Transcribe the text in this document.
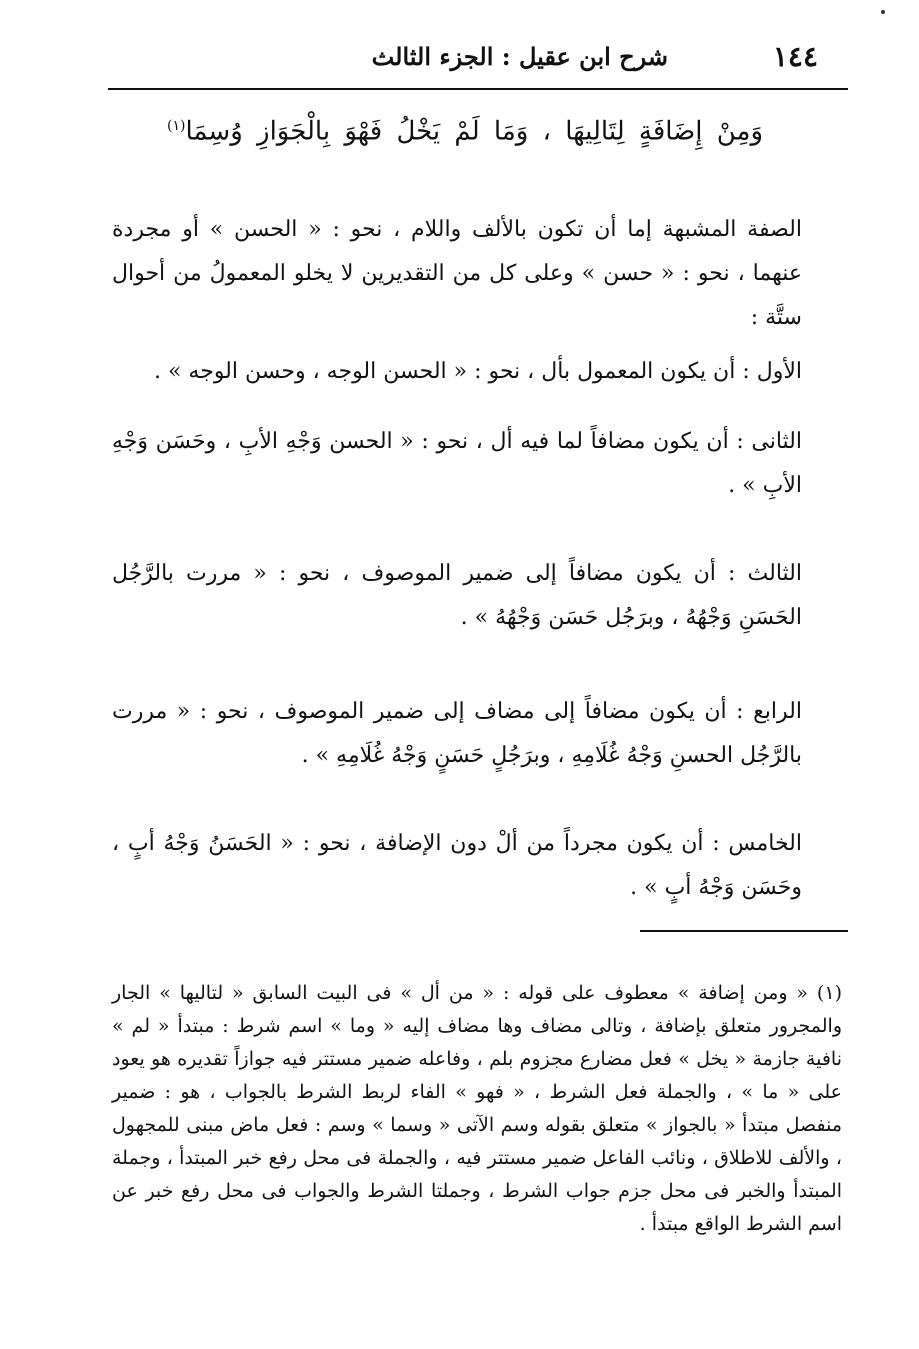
١٤٤
شرح ابن عقيل : الجزء الثالث
وَمِنْ إِضَافَةٍ لِتَالِيهَا ، وَمَا لَمْ يَخْلُ فَهْوَ بِالْجَوَازِ وُسِمَا$^{(١)}$

الصفة المشبهة إما أن تكون بالألف واللام ، نحو : « الحسن » أو مجردة عنهما ، نحو : « حسن » وعلى كل من التقديرين لا يخلو المعمولُ من أحوال ستَّة :

الأول : أن يكون المعمول بأل ، نحو : « الحسن الوجه ، وحسن الوجه » .

الثانى : أن يكون مضافاً لما فيه أل ، نحو : « الحسن وَجْهِ الأبِ ، وحَسَن وَجْهِ الأبِ » .

الثالث : أن يكون مضافاً إلى ضمير الموصوف ، نحو : « مررت بالرَّجُل الحَسَنِ وَجْهُهُ ، وبرَجُل حَسَن وَجْهُهُ » .

الرابع : أن يكون مضافاً إلى مضاف إلى ضمير الموصوف ، نحو : « مررت بالرَّجُل الحسنِ وَجْهُ غُلَامِهِ ، وبرَجُلٍ حَسَنٍ وَجْهُ غُلَامِهِ » .

الخامس : أن يكون مجرداً من ألْ دون الإضافة ، نحو : « الحَسَنُ وَجْهُ أبٍ ، وحَسَن وَجْهُ أبٍ » .

(١) « ومن إضافة » معطوف على قوله : « من أل » فى البيت السابق « لتاليها » الجار والمجرور متعلق بإضافة ، وتالى مضاف وها مضاف إليه « وما » اسم شرط : مبتدأ « لم » نافية جازمة « يخل » فعل مضارع مجزوم بلم ، وفاعله ضمير مستتر فيه جوازاً تقديره هو يعود على « ما » ، والجملة فعل الشرط ، « فهو » الفاء لربط الشرط بالجواب ، هو : ضمير منفصل مبتدأ « بالجواز » متعلق بقوله وسم الآتى « وسما » وسم : فعل ماض مبنى للمجهول ، والألف للاطلاق ، ونائب الفاعل ضمير مستتر فيه ، والجملة فى محل رفع خبر المبتدأ ، وجملة المبتدأ والخبر فى محل جزم جواب الشرط ، وجملتا الشرط والجواب فى محل رفع خبر عن اسم الشرط الواقع مبتدأ .
